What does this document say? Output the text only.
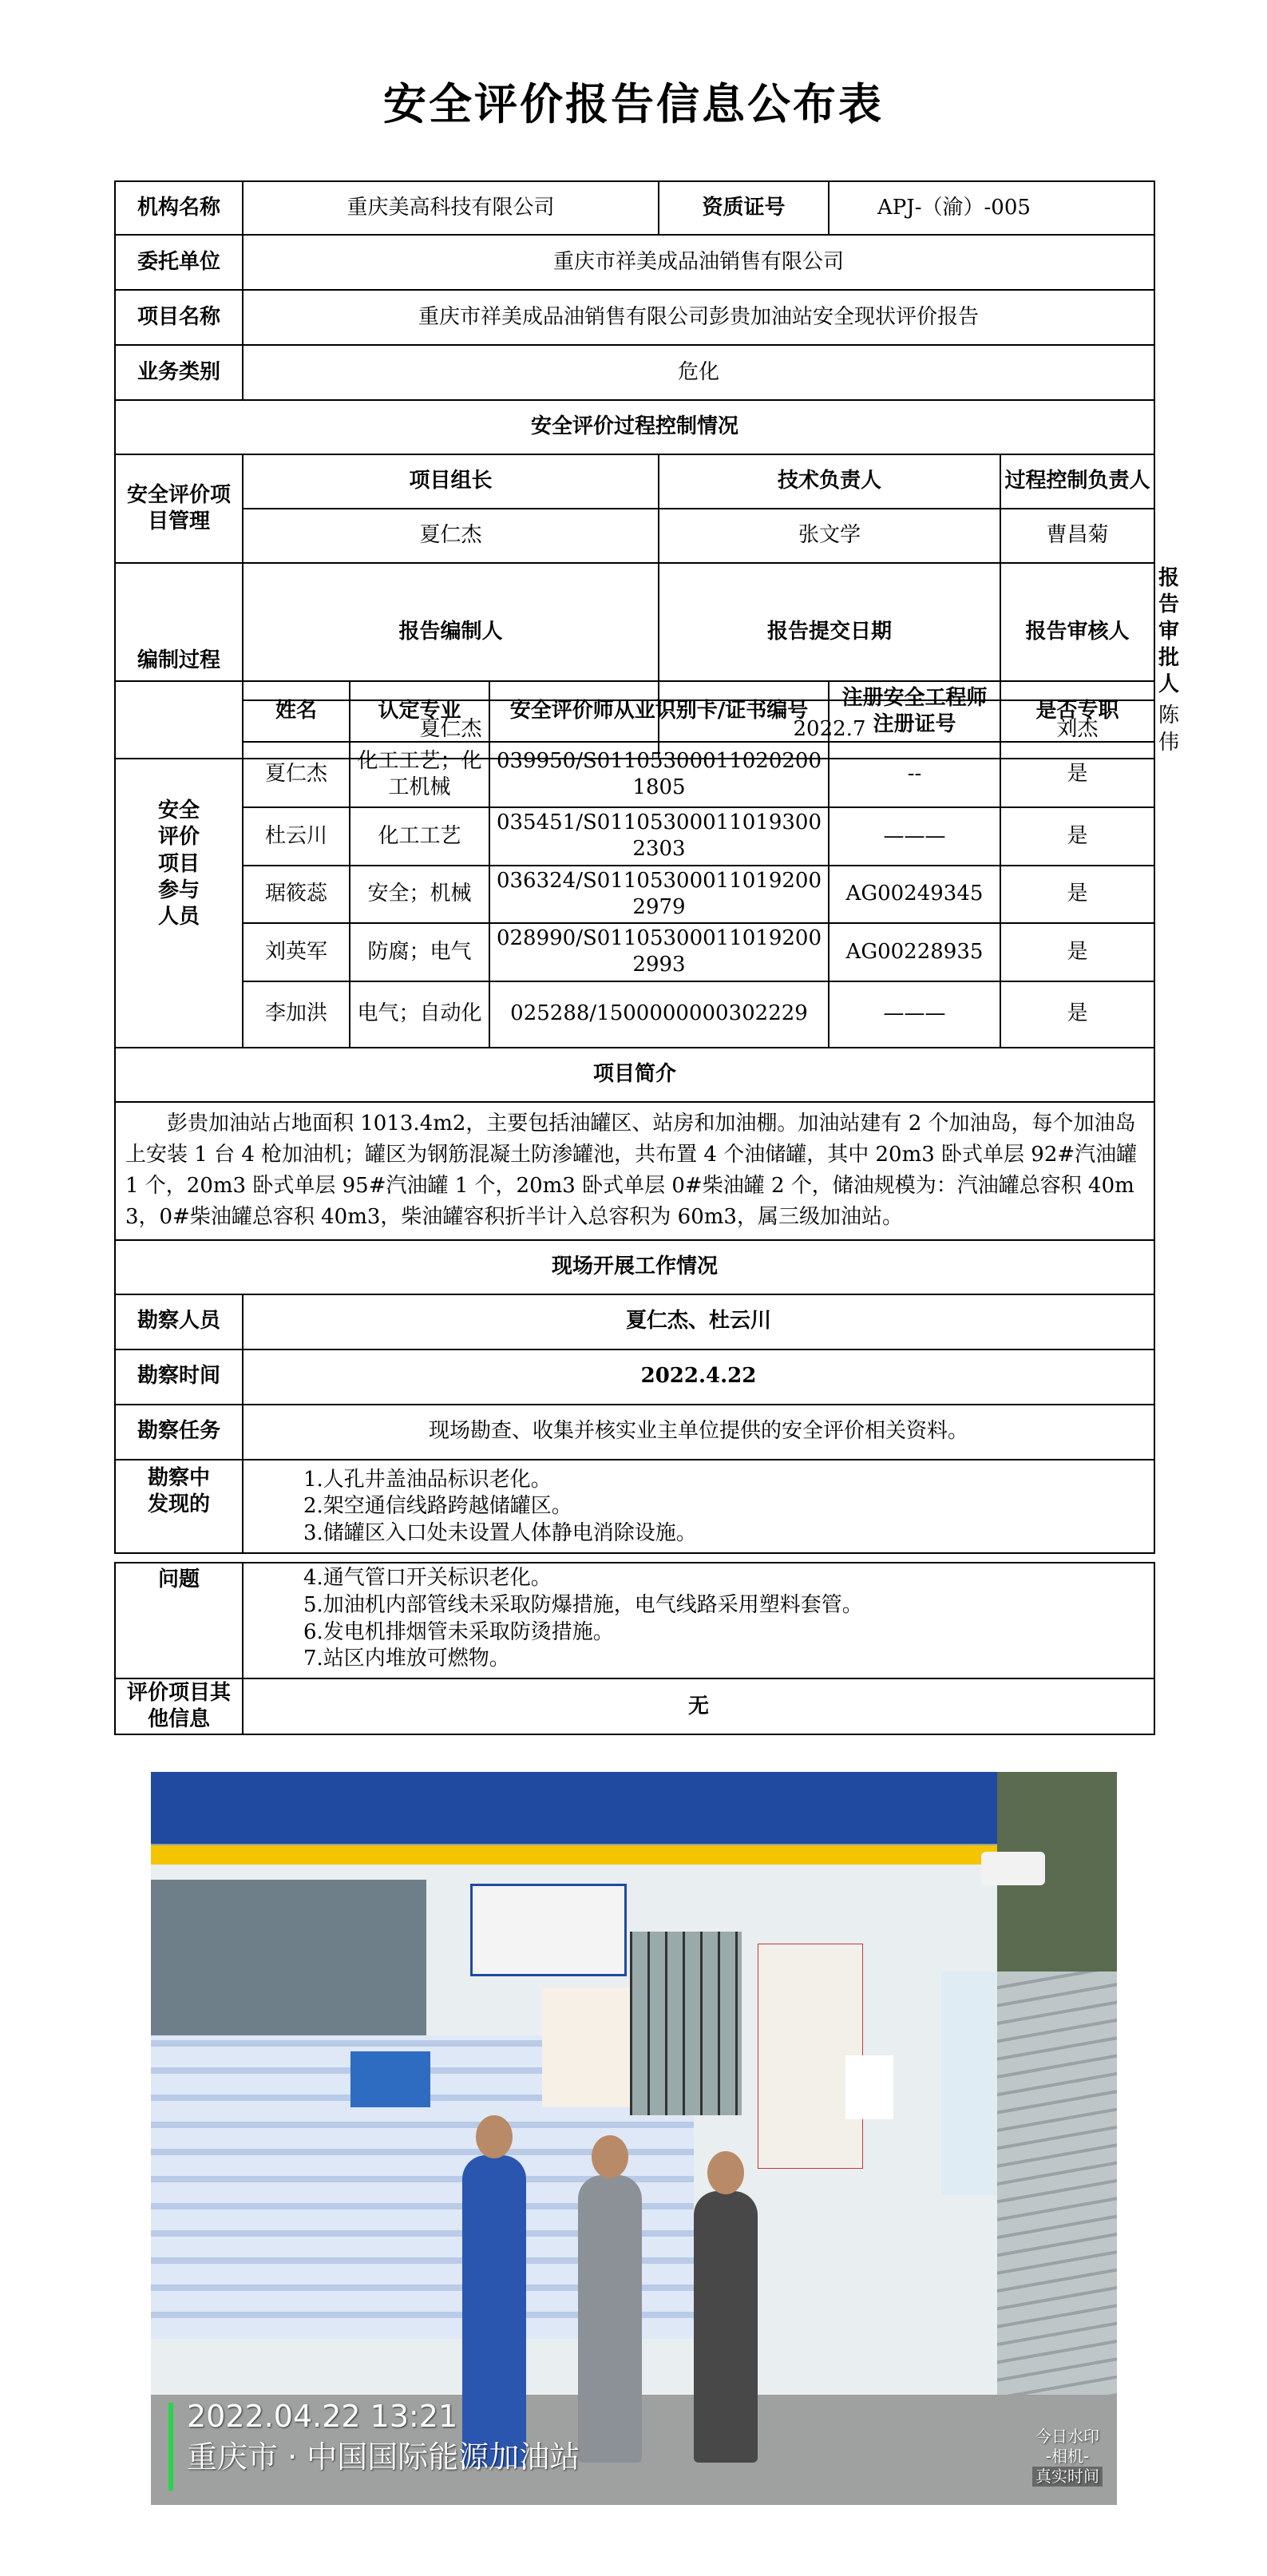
安全评价报告信息公布表
机构名称	重庆美高科技有限公司	资质证号	APJ-（渝）-005		
委托单位	重庆市祥美成品油销售有限公司				
项目名称	重庆市祥美成品油销售有限公司彭贵加油站安全现状评价报告				
业务类别	危化				
安全评价过程控制情况					
安全评价项目管理	项目组长	技术负责人		过程控制负责人	
	夏仁杰	张文学		曹昌菊	
编制过程	报告编制人	报告提交日期		报告审核人	报告审批人
	夏仁杰	2022.7		刘杰	陈伟
安全评价项目参与人员	姓名	认定专业	安全评价师从业识别卡/证书编号	注册安全工程师注册证号	是否专职
	夏仁杰	化工工艺；化工机械	039950/S011053000110202001805	--	是
	杜云川	化工工艺	035451/S011053000110193002303	———	是
	琚筱蕊	安全；机械	036324/S011053000110192002979	AG00249345	是
	刘英军	防腐；电气	028990/S011053000110192002993	AG00228935	是
	李加洪	电气；自动化	025288/1500000000302229	———	是
项目简介					
彭贵加油站占地面积 1013.4m2，主要包括油罐区、站房和加油棚。加油站建有 2 个加油岛，每个加油岛上安装 1 台 4 枪加油机；罐区为钢筋混凝土防渗罐池，共布置 4 个油储罐，其中 20m3 卧式单层 92#汽油罐 1 个，20m3 卧式单层 95#汽油罐 1 个，20m3 卧式单层 0#柴油罐 2 个，储油规模为：汽油罐总容积 40m3，0#柴油罐总容积 40m3，柴油罐容积折半计入总容积为 60m3，属三级加油站。					
现场开展工作情况					
勘察人员	夏仁杰、杜云川				
勘察时间	2022.4.22				
勘察任务	现场勘查、收集并核实业主单位提供的安全评价相关资料。				
勘察中发现的	1.人孔井盖油品标识老化。
2.架空通信线路跨越储罐区。
3.储罐区入口处未设置人体静电消除设施。				
问题	4.通气管口开关标识老化。
5.加油机内部管线未采取防爆措施，电气线路采用塑料套管。
6.发电机排烟管未采取防烫措施。
7.站区内堆放可燃物。

评价项目其他信息	无
2022.04.22 13:21
重庆市 · 中国国际能源加油站
今日水印
-相机-
真实时间
